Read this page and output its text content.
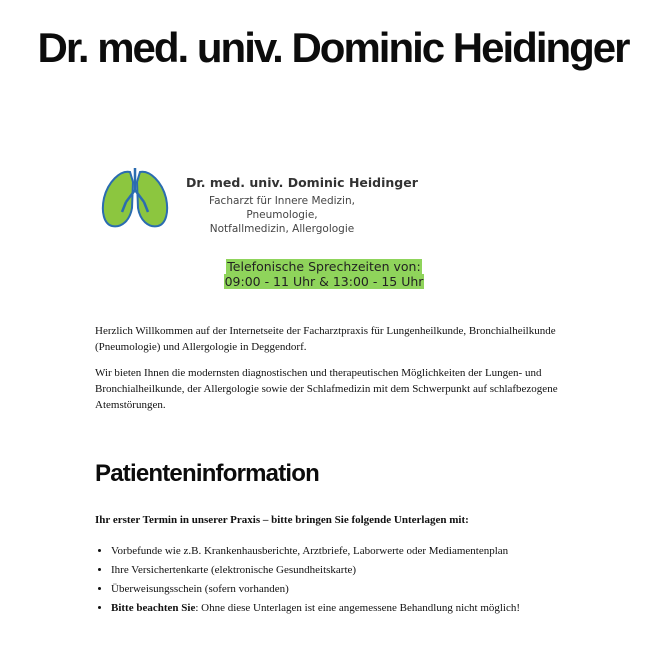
Dr. med. univ. Dominic Heidinger
Dr. med. univ. Dominic Heidinger
Facharzt für Innere Medizin, Pneumologie,
Notfallmedizin, Allergologie
Telefonische Sprechzeiten von:
09:00 - 11 Uhr & 13:00 - 15 Uhr

Herzlich Willkommen auf der Internetseite der Facharztpraxis für Lungenheilkunde, Bronchialheilkunde (Pneumologie) und Allergologie in Deggendorf.

Wir bieten Ihnen die modernsten diagnostischen und therapeutischen Möglichkeiten der Lungen- und Bronchialheilkunde, der Allergologie sowie der Schlafmedizin mit dem Schwerpunkt auf schlafbezogene Atemstörungen.

Patienteninformation
Ihr erster Termin in unserer Praxis – bitte bringen Sie folgende Unterlagen mit:
• Vorbefunde wie z.B. Krankenhausberichte, Arztbriefe, Laborwerte oder Mediamentenplan
• Ihre Versichertenkarte (elektronische Gesundheitskarte)
• Überweisungsschein (sofern vorhanden)
• Bitte beachten Sie: Ohne diese Unterlagen ist eine angemessene Behandlung nicht möglich!
